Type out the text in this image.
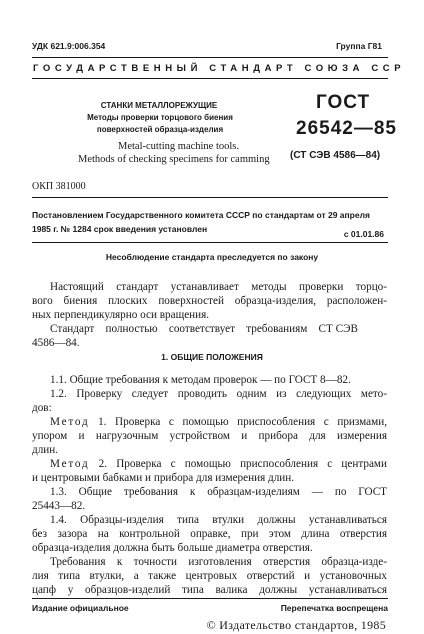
УДК 621.9:006.354	Группа Г81
ГОСУДАРСТВЕННЫЙ СТАНДАРТ СОЮЗА ССР
СТАНКИ МЕТАЛЛОРЕЖУЩИЕ
Методы проверки торцового биения
поверхностей образца-изделия
Metal-cutting machine tools.
Methods of checking specimens for camming
ГОСТ
26542—85
(СТ СЭВ 4586—84)
ОКП 381000
Постановлением Государственного комитета СССР по стандартам от 29 апреля
1985 г. № 1284 срок введения установлен	с 01.01.86
Несоблюдение стандарта преследуется по закону
Настоящий стандарт устанавливает методы проверки торцо-
вого биения плоских поверхностей образца-изделия, расположен-
ных перпендикулярно оси вращения.
Стандарт    полностью    соответствует    требованиям    СТ СЭВ
4586—84.
1. ОБЩИЕ ПОЛОЖЕНИЯ
1.1. Общие требования к методам проверок — по ГОСТ 8—82.
1.2. Проверку следует проводить одним из следующих мето-
дов:
Метод 1. Проверка с помощью приспособления с призмами,
упором и нагрузочным устройством и прибора для измерения
длин.
Метод 2. Проверка с помощью приспособления с центрами
и центровыми бабками и прибора для измерения длин.
1.3. Общие требования к образцам-изделиям — по ГОСТ
25443—82.
1.4. Образцы-изделия типа втулки должны устанавливаться
без зазора на контрольной оправке, при этом длина отверстия
образца-изделия должна быть больше диаметра отверстия.
Требования к точности изготовления отверстия образца-изде-
лия типа втулки, а также центровых отверстий и установочных
цапф у образцов-изделий типа валика должны устанавливаться
Издание официальное	Перепечатка воспрещена
© Издательство стандартов, 1985
